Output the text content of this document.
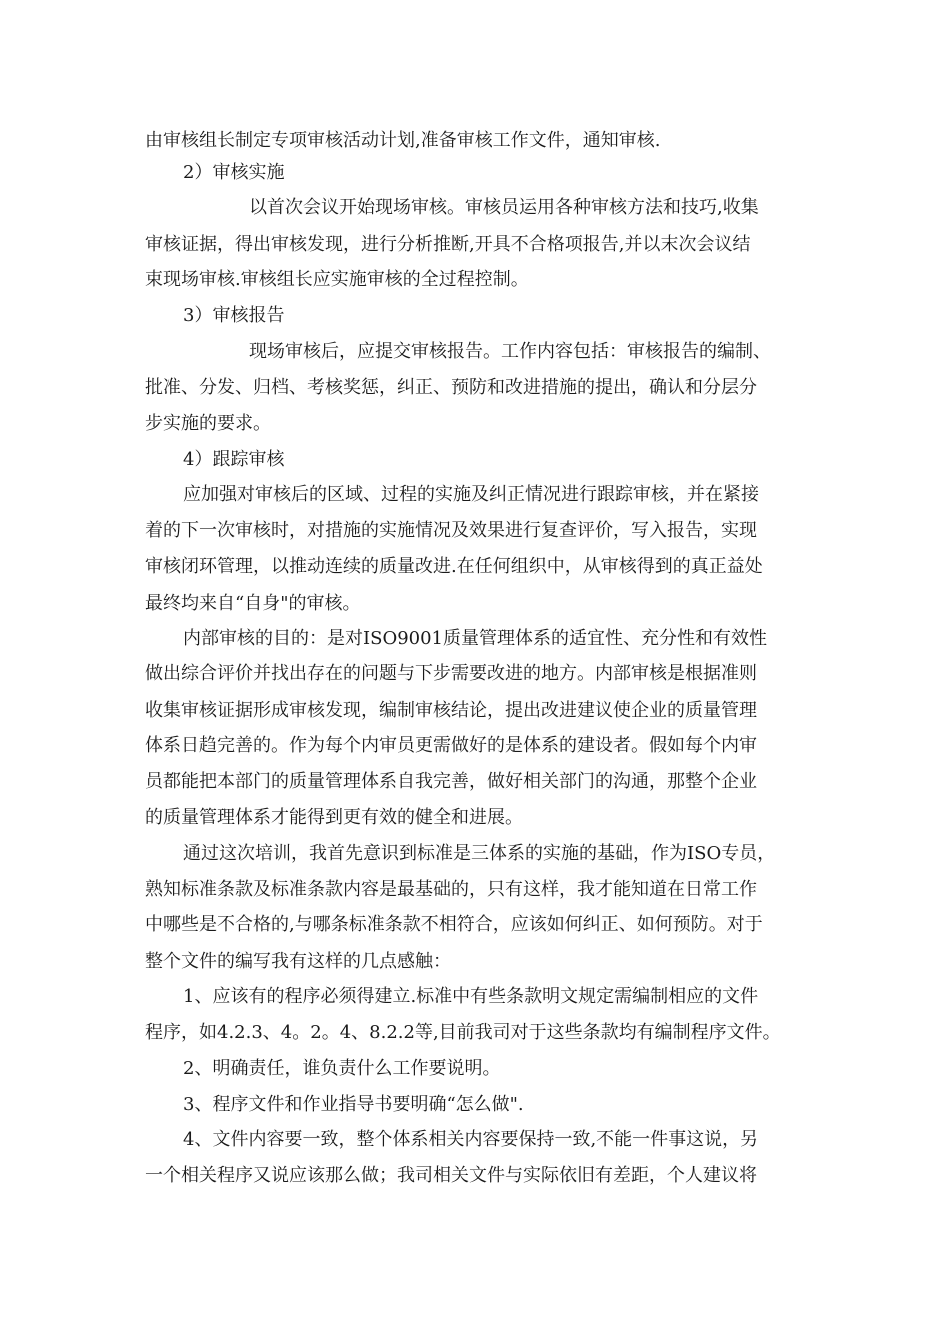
由审核组长制定专项审核活动计划,准备审核工作文件，通知审核.
2）审核实施
以首次会议开始现场审核。审核员运用各种审核方法和技巧,收集
审核证据，得出审核发现，进行分析推断,开具不合格项报告,并以末次会议结
束现场审核.审核组长应实施审核的全过程控制。
3）审核报告
现场审核后，应提交审核报告。工作内容包括：审核报告的编制、
批准、分发、归档、考核奖惩，纠正、预防和改进措施的提出，确认和分层分
步实施的要求。
4）跟踪审核
应加强对审核后的区域、过程的实施及纠正情况进行跟踪审核，并在紧接
着的下一次审核时，对措施的实施情况及效果进行复查评价，写入报告，实现
审核闭环管理，以推动连续的质量改进.在任何组织中，从审核得到的真正益处
最终均来自“自身"的审核。
内部审核的目的：是对ISO9001质量管理体系的适宜性、充分性和有效性
做出综合评价并找出存在的问题与下步需要改进的地方。内部审核是根据准则
收集审核证据形成审核发现，编制审核结论，提出改进建议使企业的质量管理
体系日趋完善的。作为每个内审员更需做好的是体系的建设者。假如每个内审
员都能把本部门的质量管理体系自我完善，做好相关部门的沟通，那整个企业
的质量管理体系才能得到更有效的健全和进展。
通过这次培训，我首先意识到标准是三体系的实施的基础，作为ISO专员，
熟知标准条款及标准条款内容是最基础的，只有这样，我才能知道在日常工作
中哪些是不合格的,与哪条标准条款不相符合，应该如何纠正、如何预防。对于
整个文件的编写我有这样的几点感触：
1、应该有的程序必须得建立.标准中有些条款明文规定需编制相应的文件
程序，如4.2.3、4。2。4、8.2.2等,目前我司对于这些条款均有编制程序文件。
2、明确责任，谁负责什么工作要说明。
3、程序文件和作业指导书要明确“怎么做".
4、文件内容要一致，整个体系相关内容要保持一致,不能一件事这说，另
一个相关程序又说应该那么做；我司相关文件与实际依旧有差距，个人建议将
